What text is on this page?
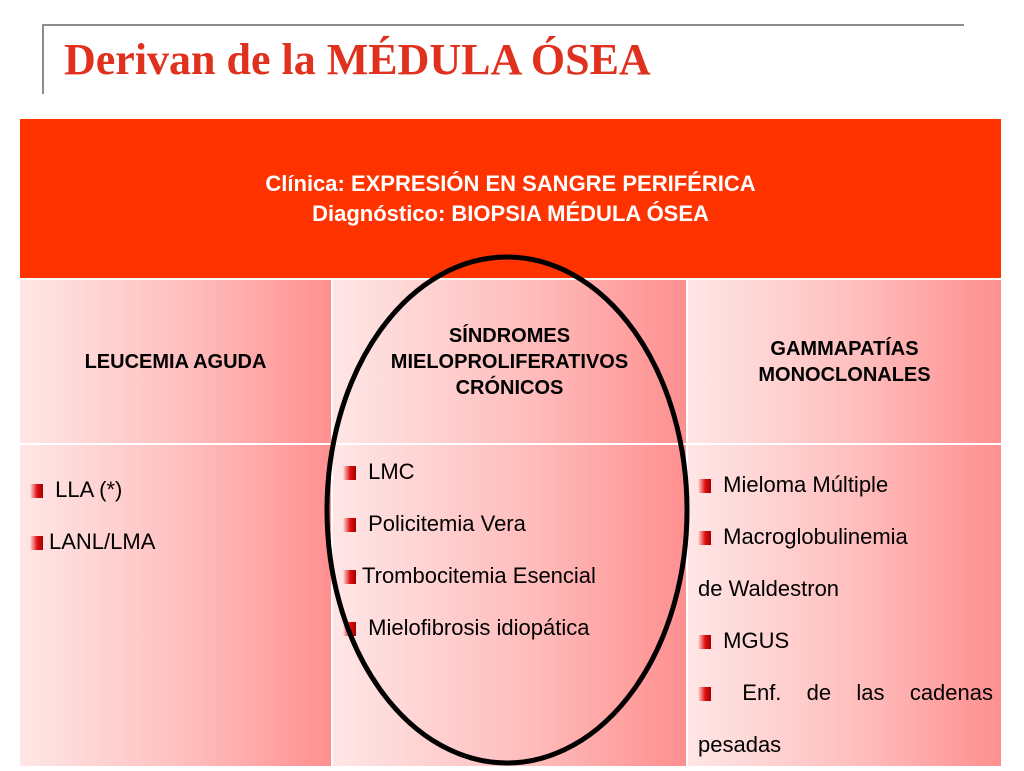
Derivan de la MÉDULA ÓSEA
Clínica: EXPRESIÓN EN SANGRE PERIFÉRICA
Diagnóstico: BIOPSIA MÉDULA ÓSEA
LEUCEMIA AGUDA
SÍNDROMES
MIELOPROLIFERATIVOS
CRÓNICOS
GAMMAPATÍAS
MONOCLONALES
LLA (*)
LANL/LMA
LMC
Policitemia Vera
Trombocitemia Esencial
Mielofibrosis idiopática
Mieloma Múltiple
Macroglobulinemia
de Waldestron
MGUS
Enf. de las cadenas
pesadas
